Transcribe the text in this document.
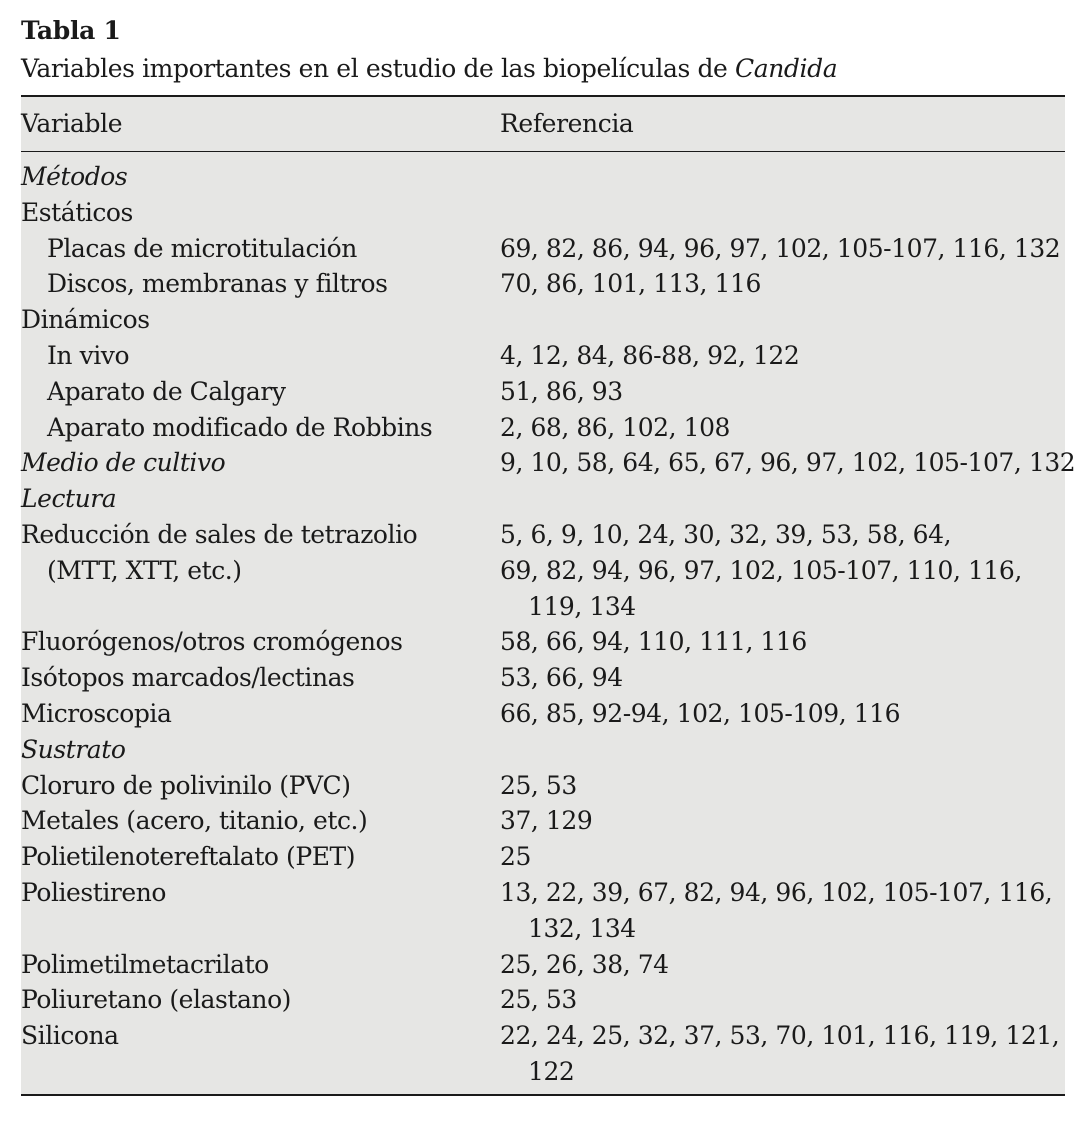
Tabla 1
Variables importantes en el estudio de las biopelículas de Candida
Variable	Referencia
Métodos
Estáticos
Placas de microtitulación	69, 82, 86, 94, 96, 97, 102, 105-107, 116, 132
Discos, membranas y filtros	70, 86, 101, 113, 116
Dinámicos
In vivo	4, 12, 84, 86-88, 92, 122
Aparato de Calgary	51, 86, 93
Aparato modificado de Robbins	2, 68, 86, 102, 108
Medio de cultivo	9, 10, 58, 64, 65, 67, 96, 97, 102, 105-107, 132
Lectura
Reducción de sales de tetrazolio	5, 6, 9, 10, 24, 30, 32, 39, 53, 58, 64,
(MTT, XTT, etc.)	69, 82, 94, 96, 97, 102, 105-107, 110, 116,
119, 134
Fluorógenos/otros cromógenos	58, 66, 94, 110, 111, 116
Isótopos marcados/lectinas	53, 66, 94
Microscopia	66, 85, 92-94, 102, 105-109, 116
Sustrato
Cloruro de polivinilo (PVC)	25, 53
Metales (acero, titanio, etc.)	37, 129
Polietilenotereftalato (PET)	25
Poliestireno	13, 22, 39, 67, 82, 94, 96, 102, 105-107, 116,
132, 134
Polimetilmetacrilato	25, 26, 38, 74
Poliuretano (elastano)	25, 53
Silicona	22, 24, 25, 32, 37, 53, 70, 101, 116, 119, 121,
122
